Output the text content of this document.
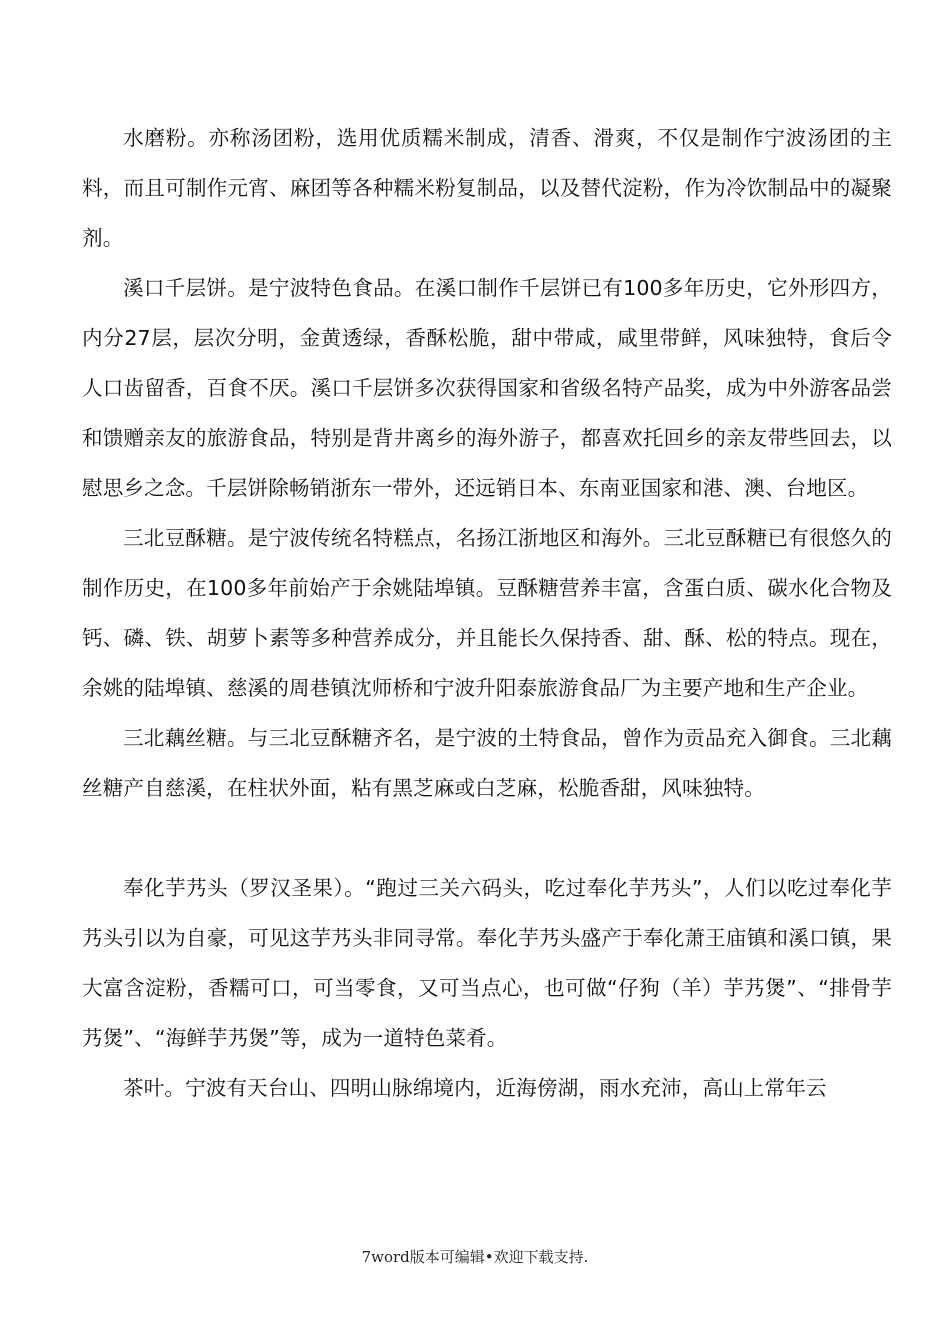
水磨粉。亦称汤团粉，选用优质糯米制成，清香、滑爽，不仅是制作宁波汤团的主料，而且可制作元宵、麻团等各种糯米粉复制品，以及替代淀粉，作为冷饮制品中的凝聚剂。

溪口千层饼。是宁波特色食品。在溪口制作千层饼已有100多年历史，它外形四方，内分27层，层次分明，金黄透绿，香酥松脆，甜中带咸，咸里带鲜，风味独特，食后令人口齿留香，百食不厌。溪口千层饼多次获得国家和省级名特产品奖，成为中外游客品尝和馈赠亲友的旅游食品，特别是背井离乡的海外游子，都喜欢托回乡的亲友带些回去，以慰思乡之念。千层饼除畅销浙东一带外，还远销日本、东南亚国家和港、澳、台地区。

三北豆酥糖。是宁波传统名特糕点，名扬江浙地区和海外。三北豆酥糖已有很悠久的制作历史，在100多年前始产于余姚陆埠镇。豆酥糖营养丰富，含蛋白质、碳水化合物及钙、磷、铁、胡萝卜素等多种营养成分，并且能长久保持香、甜、酥、松的特点。现在，余姚的陆埠镇、慈溪的周巷镇沈师桥和宁波升阳泰旅游食品厂为主要产地和生产企业。

三北藕丝糖。与三北豆酥糖齐名，是宁波的土特食品，曾作为贡品充入御食。三北藕丝糖产自慈溪，在柱状外面，粘有黑芝麻或白芝麻，松脆香甜，风味独特。

奉化芋艿头（罗汉圣果）。“跑过三关六码头，吃过奉化芋艿头”，人们以吃过奉化芋艿头引以为自豪，可见这芋艿头非同寻常。奉化芋艿头盛产于奉化萧王庙镇和溪口镇，果大富含淀粉，香糯可口，可当零食，又可当点心，也可做“仔狗（羊）芋艿煲”、“排骨芋艿煲”、“海鲜芋艿煲”等，成为一道特色菜肴。

茶叶。宁波有天台山、四明山脉绵境内，近海傍湖，雨水充沛，高山上常年云

7word版本可编辑•欢迎下载支持.
